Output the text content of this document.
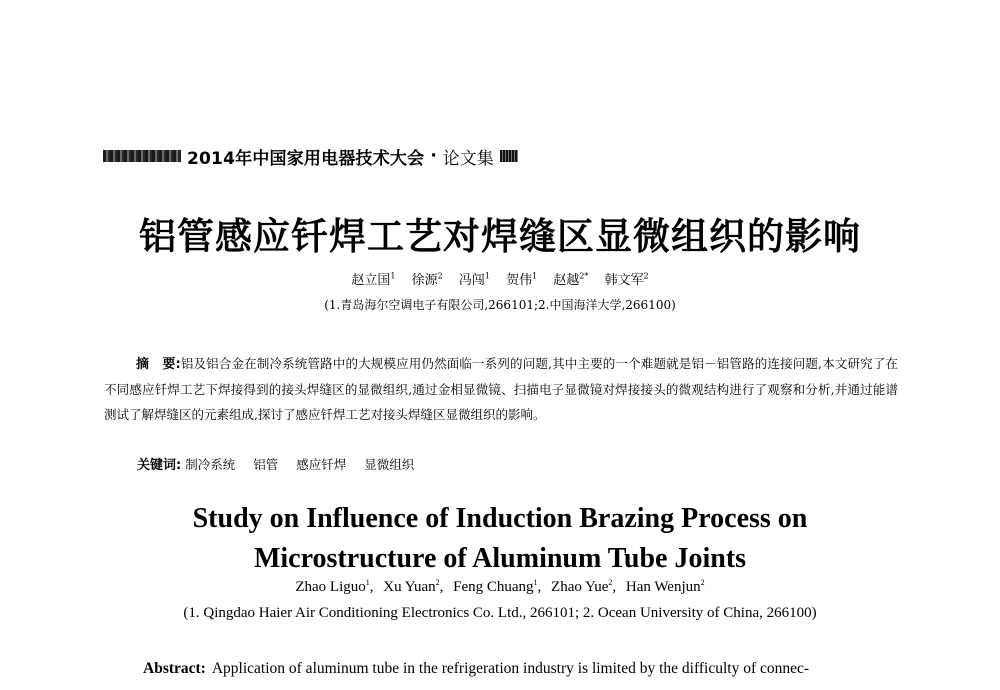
2014年中国家用电器技术大会 · 论文集
铝管感应钎焊工艺对焊缝区显微组织的影响
赵立国$^1$ 徐源$^2$ 冯闯$^1$ 贺伟$^1$ 赵越$^{2*}$ 韩文军$^2$
(1.青岛海尔空调电子有限公司,266101;2.中国海洋大学,266100)
摘　要:铝及铝合金在制冷系统管路中的大规模应用仍然面临一系列的问题,其中主要的一个难题就是铝－铝管路的连接问题,本文研究了在不同感应钎焊工艺下焊接得到的接头焊缝区的显微组织,通过金相显微镜、扫描电子显微镜对焊接接头的微观结构进行了观察和分析,并通过能谱测试了解焊缝区的元素组成,探讨了感应钎焊工艺对接头焊缝区显微组织的影响。
关键词: 制冷系统 铝管 感应钎焊 显微组织
Study on Influence of Induction Brazing Process on
Microstructure of Aluminum Tube Joints
Zhao Liguo$^1$, Xu Yuan$^2$, Feng Chuang$^1$, Zhao Yue$^2$, Han Wenjun$^2$
(1. Qingdao Haier Air Conditioning Electronics Co. Ltd., 266101; 2. Ocean University of China, 266100)
Abstract: Application of aluminum tube in the refrigeration industry is limited by the difficulty of connec-
